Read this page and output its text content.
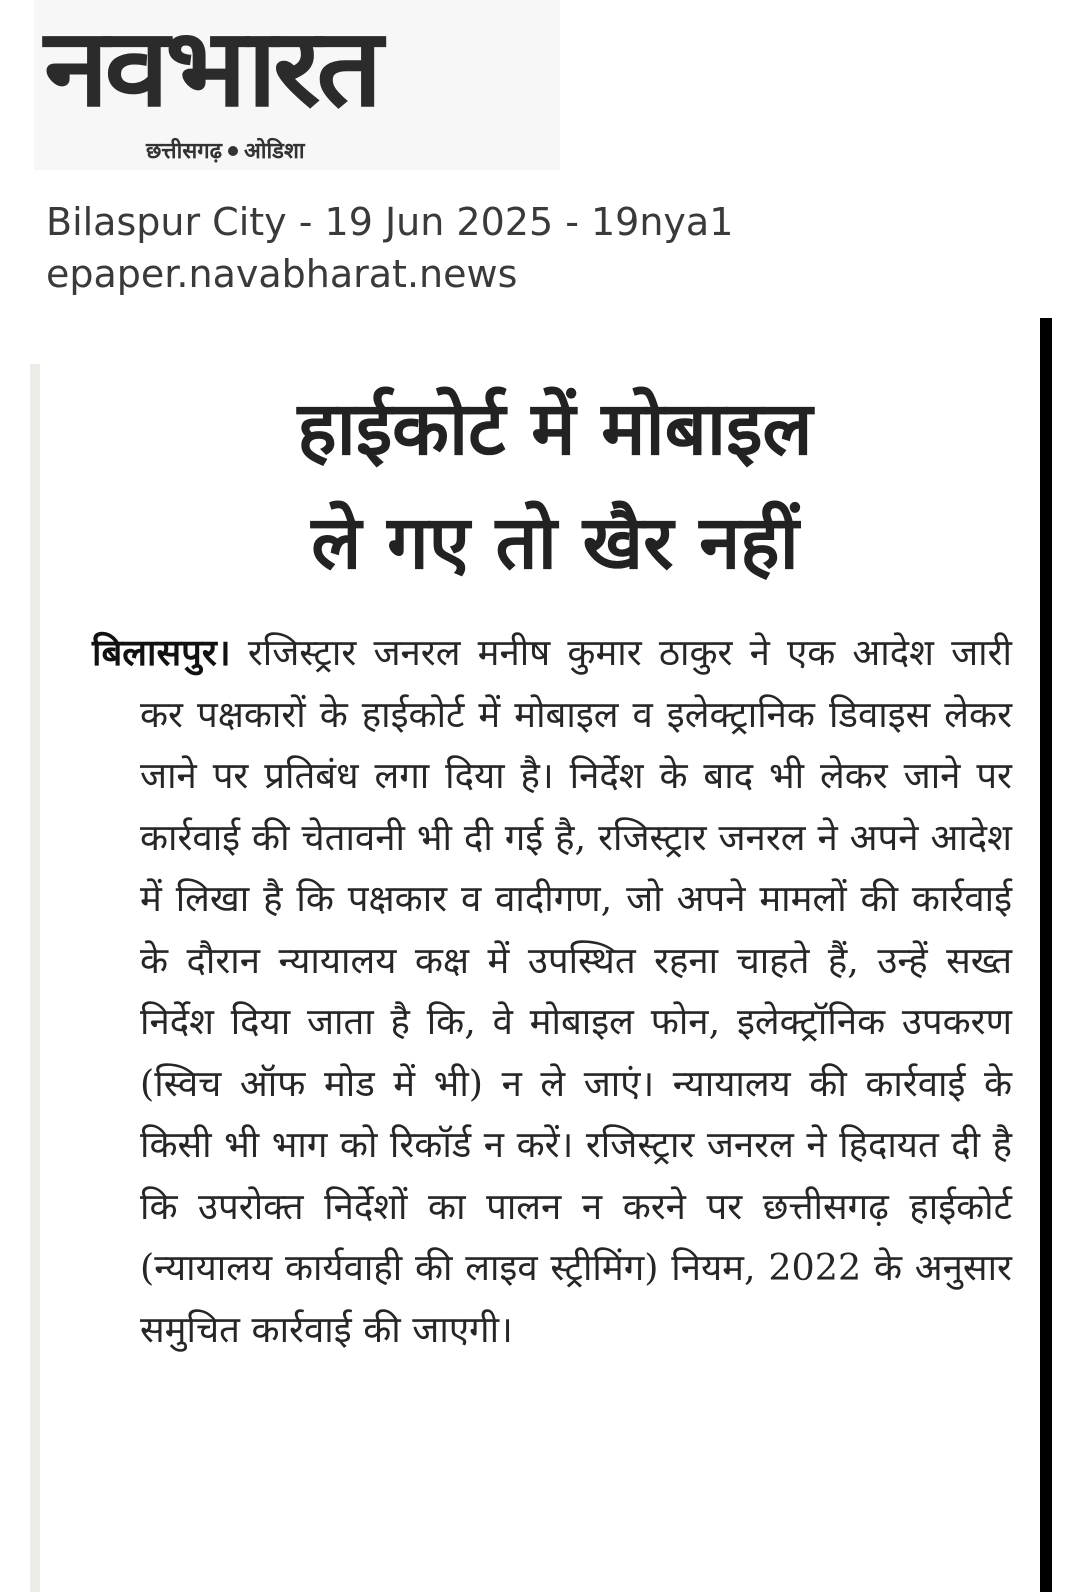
नवभारत
छत्तीसगढ़ ओडिशा
Bilaspur City - 19 Jun 2025 - 19nya1
epaper.navabharat.news
हाईकोर्ट में मोबाइल
ले गए तो खैर नहीं

बिलासपुर। रजिस्ट्रार जनरल मनीष कुमार ठाकुर ने एक आदेश जारी कर पक्षकारों के हाईकोर्ट में मोबाइल व इलेक्ट्रानिक डिवाइस लेकर जाने पर प्रतिबंध लगा दिया है। निर्देश के बाद भी लेकर जाने पर कार्रवाई की चेतावनी भी दी गई है, रजिस्ट्रार जनरल ने अपने आदेश में लिखा है कि पक्षकार व वादीगण, जो अपने मामलों की कार्रवाई के दौरान न्यायालय कक्ष में उपस्थित रहना चाहते हैं, उन्हें सख्त निर्देश दिया जाता है कि, वे मोबाइल फोन, इलेक्ट्रॉनिक उपकरण (स्विच ऑफ मोड में भी) न ले जाएं। न्यायालय की कार्रवाई के किसी भी भाग को रिकॉर्ड न करें। रजिस्ट्रार जनरल ने हिदायत दी है कि उपरोक्त निर्देशों का पालन न करने पर छत्तीसगढ़ हाईकोर्ट (न्यायालय कार्यवाही की लाइव स्ट्रीमिंग) नियम, 2022 के अनुसार समुचित कार्रवाई की जाएगी।
